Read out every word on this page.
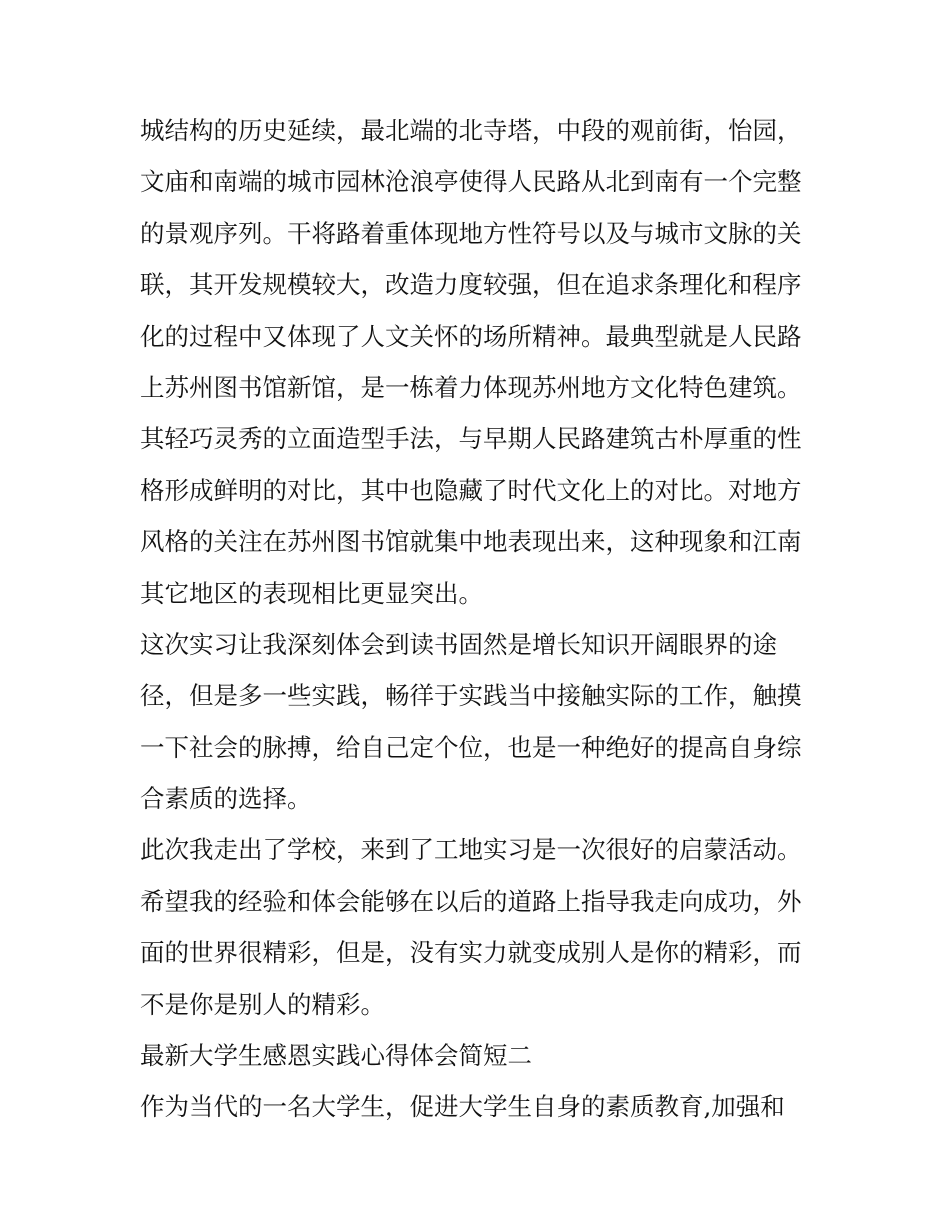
城结构的历史延续，最北端的北寺塔，中段的观前街，怡园，
文庙和南端的城市园林沧浪亭使得人民路从北到南有一个完整
的景观序列。干将路着重体现地方性符号以及与城市文脉的关
联，其开发规模较大，改造力度较强，但在追求条理化和程序
化的过程中又体现了人文关怀的场所精神。最典型就是人民路
上苏州图书馆新馆，是一栋着力体现苏州地方文化特色建筑。
其轻巧灵秀的立面造型手法，与早期人民路建筑古朴厚重的性
格形成鲜明的对比，其中也隐藏了时代文化上的对比。对地方
风格的关注在苏州图书馆就集中地表现出来，这种现象和江南
其它地区的表现相比更显突出。
这次实习让我深刻体会到读书固然是增长知识开阔眼界的途
径，但是多一些实践，畅徉于实践当中接触实际的工作，触摸
一下社会的脉搏，给自己定个位，也是一种绝好的提高自身综
合素质的选择。
此次我走出了学校，来到了工地实习是一次很好的启蒙活动。
希望我的经验和体会能够在以后的道路上指导我走向成功，外
面的世界很精彩，但是，没有实力就变成别人是你的精彩，而
不是你是别人的精彩。
最新大学生感恩实践心得体会简短二
作为当代的一名大学生，促进大学生自身的素质教育,加强和
